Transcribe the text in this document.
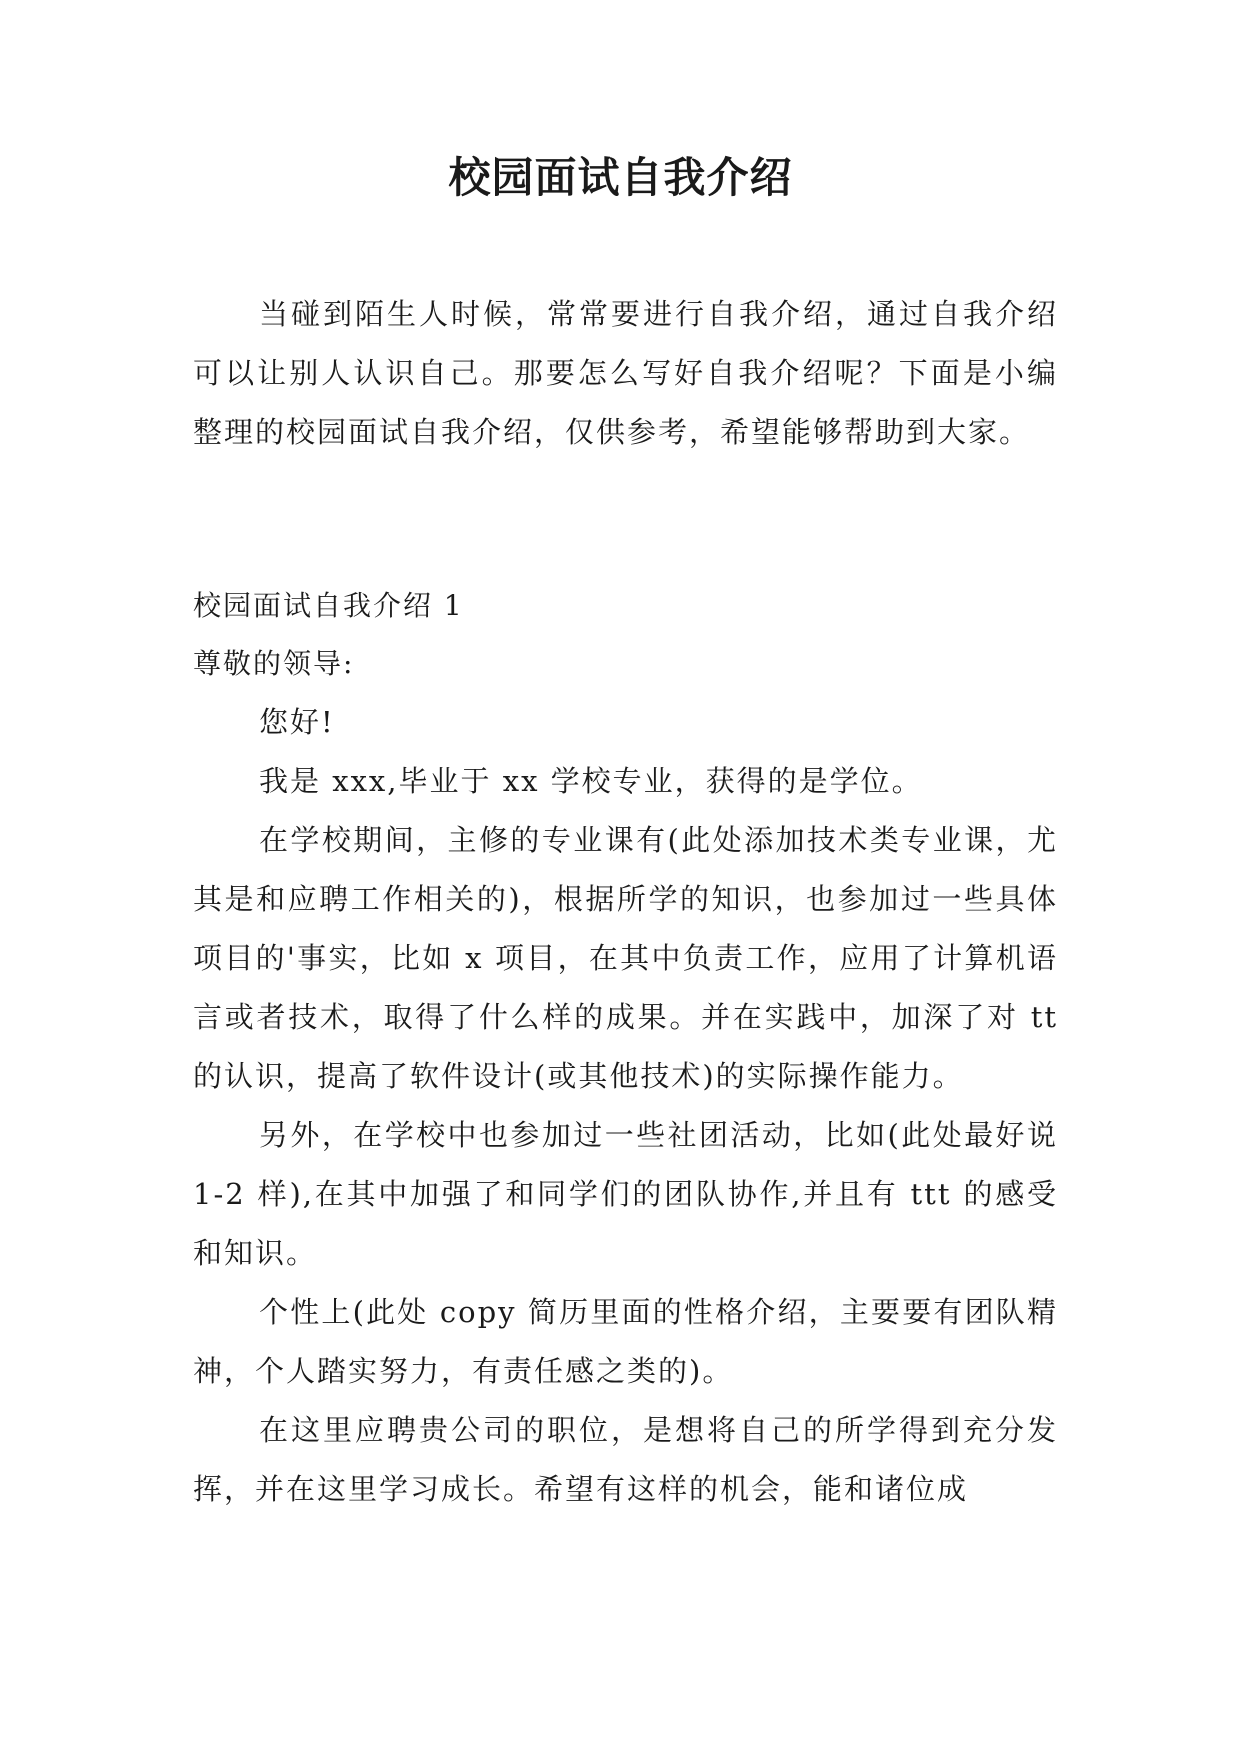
校园面试自我介绍

当碰到陌生人时候，常常要进行自我介绍，通过自我介绍可以让别人认识自己。那要怎么写好自我介绍呢？下面是小编整理的校园面试自我介绍，仅供参考，希望能够帮助到大家。

校园面试自我介绍 1

尊敬的领导:

您好!

我是 xxx,毕业于 xx 学校专业，获得的是学位。

在学校期间，主修的专业课有(此处添加技术类专业课，尤其是和应聘工作相关的)，根据所学的知识，也参加过一些具体项目的'事实，比如 x 项目，在其中负责工作，应用了计算机语言或者技术，取得了什么样的成果。并在实践中，加深了对 tt 的认识，提高了软件设计(或其他技术)的实际操作能力。

另外，在学校中也参加过一些社团活动，比如(此处最好说 1-2 样),在其中加强了和同学们的团队协作,并且有 ttt 的感受和知识。

个性上(此处 copy 简历里面的性格介绍，主要要有团队精神，个人踏实努力，有责任感之类的)。

在这里应聘贵公司的职位，是想将自己的所学得到充分发挥，并在这里学习成长。希望有这样的机会，能和诸位成
